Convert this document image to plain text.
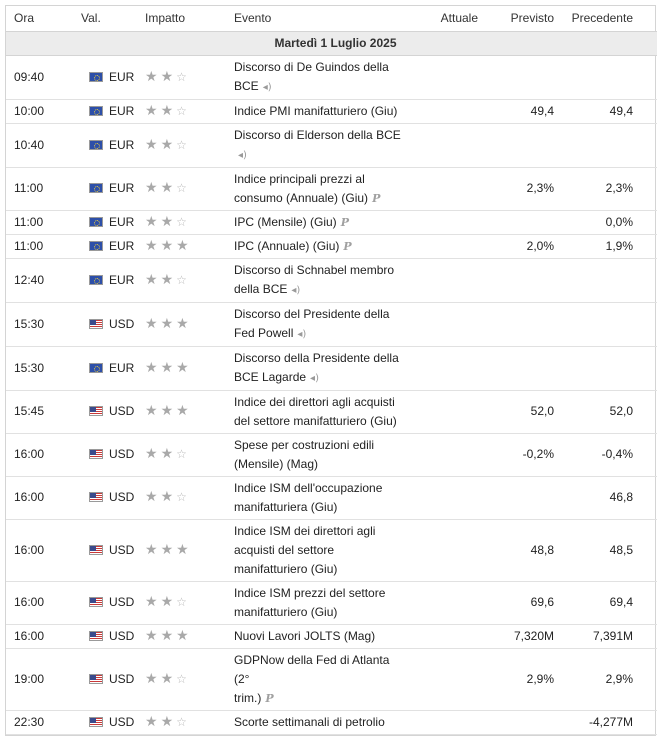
Ora	Val.	Impatto	Evento	Attuale	Previsto	Precedente
Martedì 1 Luglio 2025						
09:40	EUR	★★☆	Discorso di De Guindos della
BCE ◂)			

10:00	EUR	★★☆	Indice PMI manifatturiero (Giu)		49,4	49,4
10:40	EUR	★★☆	Discorso di Elderson della BCE
◂)			

11:00	EUR	★★☆	Indice principali prezzi al
consumo (Annuale) (Giu) P		2,3%	2,3%
11:00	EUR	★★☆	IPC (Mensile) (Giu) P			0,0%
11:00	EUR	★★★	IPC (Annuale) (Giu) P		2,0%	1,9%
12:40	EUR	★★☆	Discorso di Schnabel membro
della BCE ◂)			

15:30	USD	★★★	Discorso del Presidente della
Fed Powell ◂)			

15:30	EUR	★★★	Discorso della Presidente della
BCE Lagarde ◂)			

15:45	USD	★★★	Indice dei direttori agli acquisti
del settore manifatturiero (Giu)		52,0	52,0
16:00	USD	★★☆	Spese per costruzioni edili
(Mensile) (Mag)		-0,2%	-0,4%
16:00	USD	★★☆	Indice ISM dell'occupazione
manifatturiera (Giu)			46,8
16:00	USD	★★★	Indice ISM dei direttori agli
acquisti del settore
manifatturiero (Giu)		48,8	48,5
16:00	USD	★★☆	Indice ISM prezzi del settore
manifatturiero (Giu)		69,6	69,4
16:00	USD	★★★	Nuovi Lavori JOLTS (Mag)		7,320M	7,391M
19:00	USD	★★☆	GDPNow della Fed di Atlanta (2°
trim.) P		2,9%	2,9%
22:30	USD	★★☆	Scorte settimanali di petrolio			-4,277M
